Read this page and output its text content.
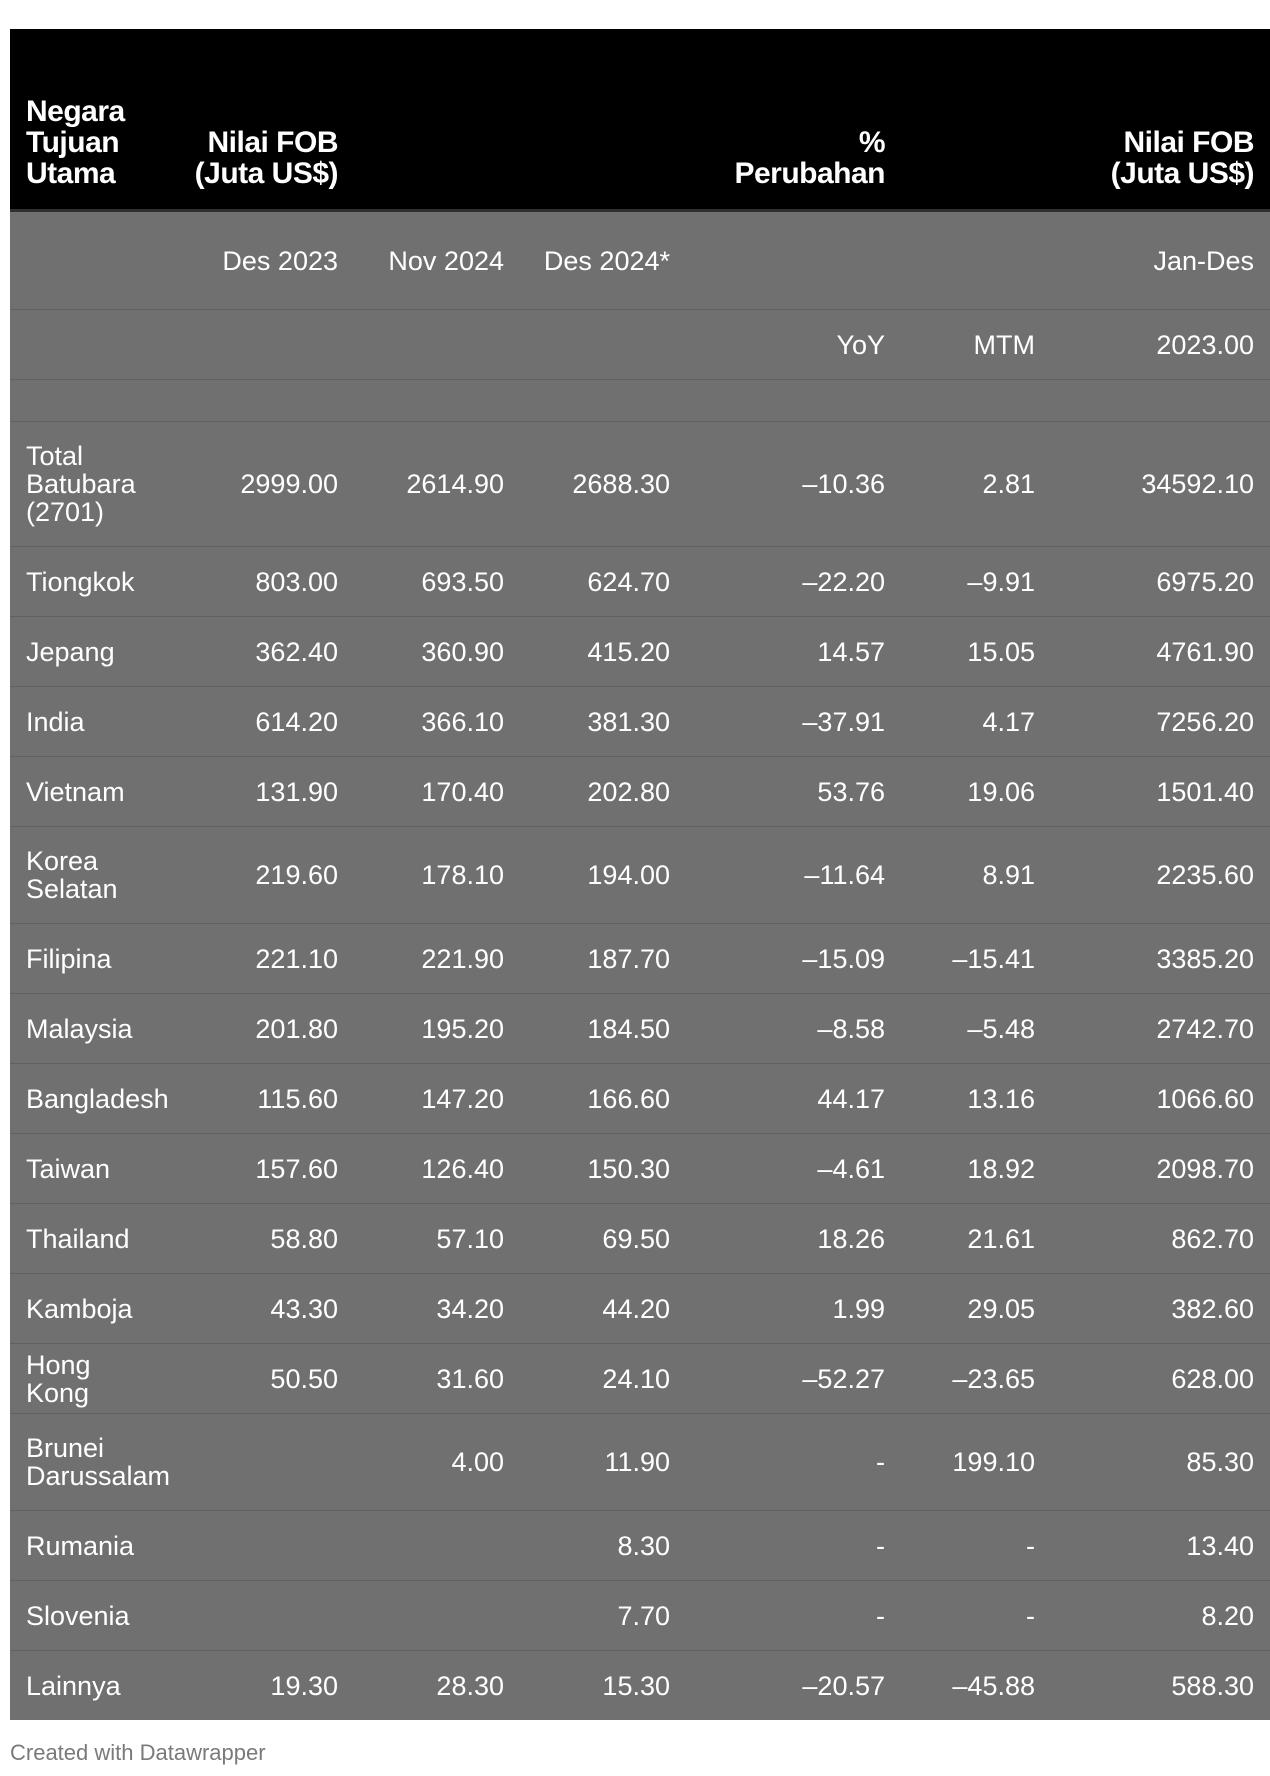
Negara Tujuan Utama	Nilai FOB (Juta US$)			% Perubahan		Nilai FOB (Juta US$)
	Des 2023	Nov 2024	Des 2024*			Jan-Des
				YoY	MTM	2023.00

Total Batubara (2701)	2999.00	2614.90	2688.30	–10.36	2.81	34592.10
Tiongkok	803.00	693.50	624.70	–22.20	–9.91	6975.20
Jepang	362.40	360.90	415.20	14.57	15.05	4761.90
India	614.20	366.10	381.30	–37.91	4.17	7256.20
Vietnam	131.90	170.40	202.80	53.76	19.06	1501.40
Korea Selatan	219.60	178.10	194.00	–11.64	8.91	2235.60
Filipina	221.10	221.90	187.70	–15.09	–15.41	3385.20
Malaysia	201.80	195.20	184.50	–8.58	–5.48	2742.70
Bangladesh	115.60	147.20	166.60	44.17	13.16	1066.60
Taiwan	157.60	126.40	150.30	–4.61	18.92	2098.70
Thailand	58.80	57.10	69.50	18.26	21.61	862.70
Kamboja	43.30	34.20	44.20	1.99	29.05	382.60
Hong Kong	50.50	31.60	24.10	–52.27	–23.65	628.00
Brunei Darussalam		4.00	11.90	-	199.10	85.30
Rumania			8.30	-	-	13.40
Slovenia			7.70	-	-	8.20
Lainnya	19.30	28.30	15.30	–20.57	–45.88	588.30
Created with Datawrapper
